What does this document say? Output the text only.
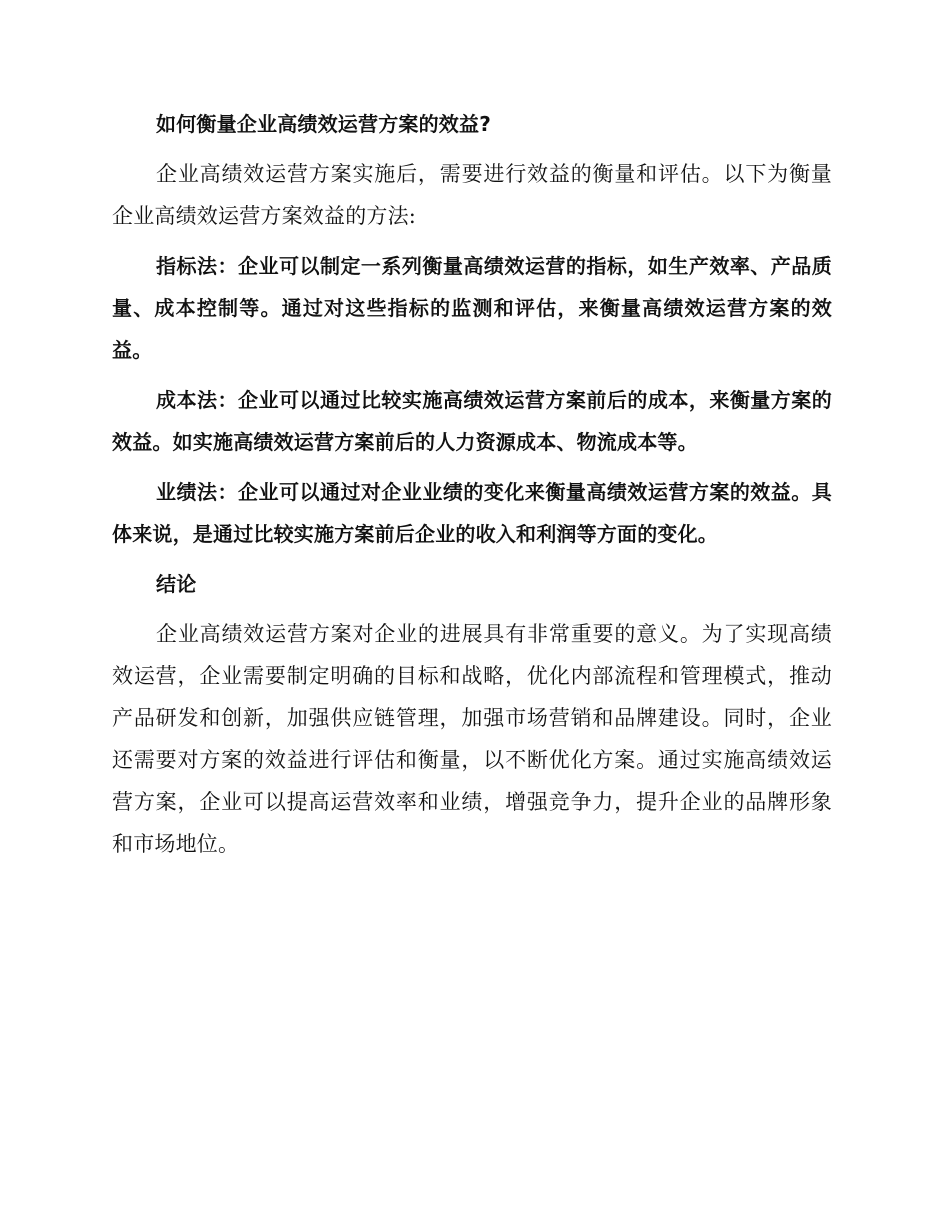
如何衡量企业高绩效运营方案的效益?

企业高绩效运营方案实施后，需要进行效益的衡量和评估。以下为衡量企业高绩效运营方案效益的方法:

指标法：企业可以制定一系列衡量高绩效运营的指标，如生产效率、产品质量、成本控制等。通过对这些指标的监测和评估，来衡量高绩效运营方案的效益。

成本法：企业可以通过比较实施高绩效运营方案前后的成本，来衡量方案的效益。如实施高绩效运营方案前后的人力资源成本、物流成本等。

业绩法：企业可以通过对企业业绩的变化来衡量高绩效运营方案的效益。具体来说，是通过比较实施方案前后企业的收入和利润等方面的变化。

结论

企业高绩效运营方案对企业的进展具有非常重要的意义。为了实现高绩效运营，企业需要制定明确的目标和战略，优化内部流程和管理模式，推动产品研发和创新，加强供应链管理，加强市场营销和品牌建设。同时，企业还需要对方案的效益进行评估和衡量，以不断优化方案。通过实施高绩效运营方案，企业可以提高运营效率和业绩，增强竞争力，提升企业的品牌形象和市场地位。
